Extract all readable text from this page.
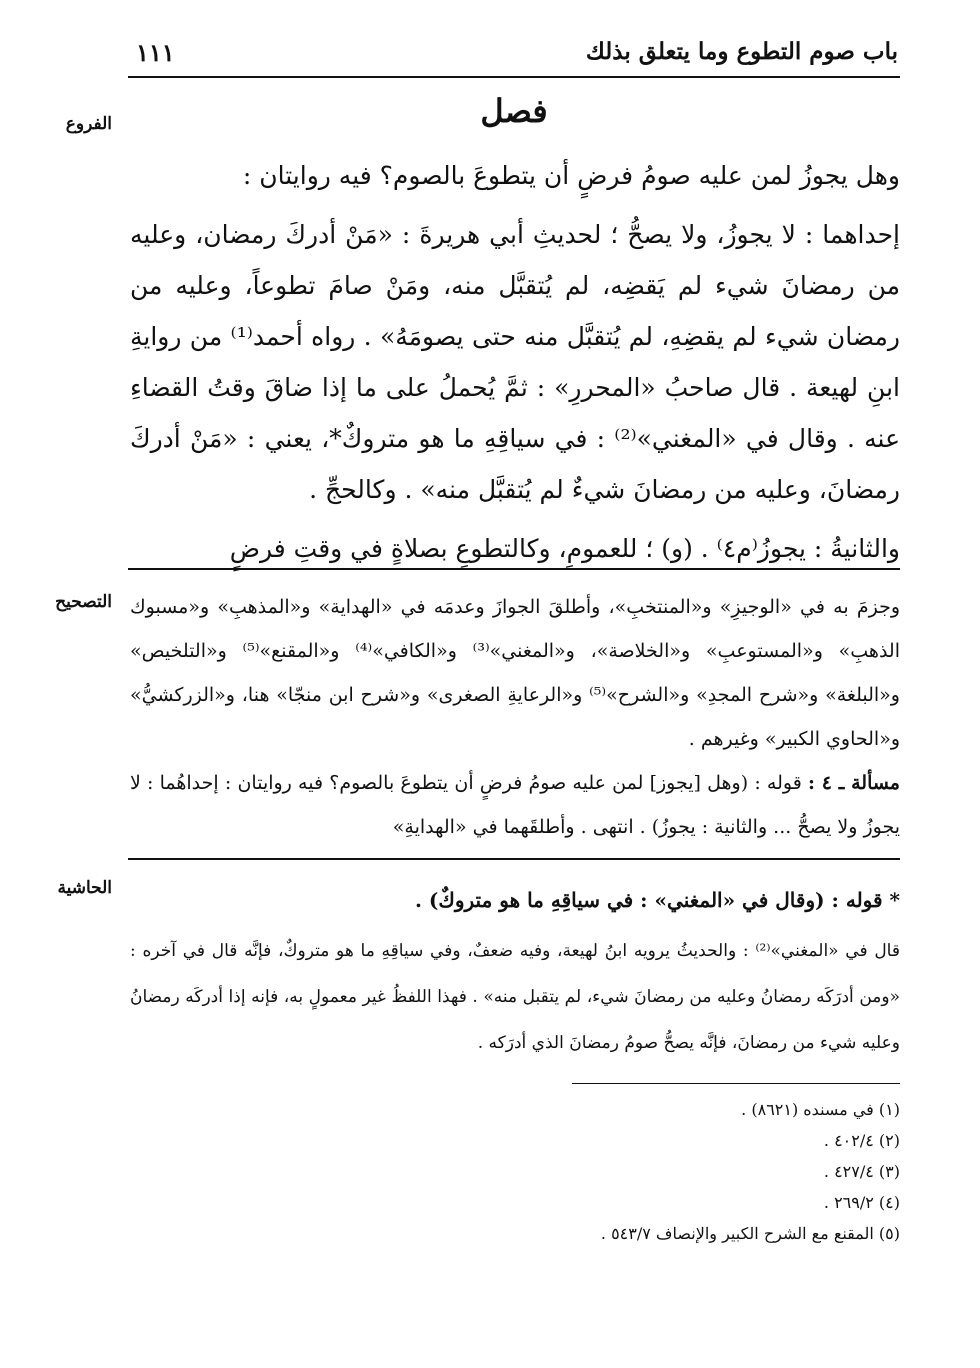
باب صوم التطوع وما يتعلق بذلك
١١١
الفروع	فصل

وهل يجوزُ لمن عليه صومُ فرضٍ أن يتطوعَ بالصوم؟ فيه روايتان :

إحداهما : لا يجوزُ، ولا يصحُّ ؛ لحديثِ أبي هريرةَ : «مَنْ أدركَ رمضان، وعليه من رمضانَ شيء لم يَقضِه، لم يُتقبَّل منه، ومَنْ صامَ تطوعاً، وعليه من رمضان شيء لم يقضِهِ، لم يُتقبَّل منه حتى يصومَهُ» . رواه أحمد⁽¹⁾ من روايةِ ابنِ لهيعة . قال صاحبُ «المحررِ» : ثمَّ يُحملُ على ما إذا ضاقَ وقتُ القضاءِ عنه . وقال في «المغني»⁽²⁾ : في سياقِهِ ما هو متروكٌ*، يعني : «مَنْ أدركَ رمضانَ، وعليه من رمضانَ شيءٌ لم يُتقبَّل منه» . وكالحجِّ .

والثانيةُ : يجوزُ⁽م٤⁾ . (و) ؛ للعمومِ، وكالتطوعِ بصلاةٍ في وقتِ فرضٍ

التصحيح وجزمَ به في «الوجيزِ» و«المنتخبِ»، وأطلقَ الجوازَ وعدمَه في «الهداية» و«المذهبِ» و«مسبوك الذهبِ» و«المستوعبِ» و«الخلاصة»، و«المغني»⁽³⁾ و«الكافي»⁽⁴⁾ و«المقنع»⁽⁵⁾ و«التلخيص» و«البلغة» و«شرح المجدِ» و«الشرح»⁽⁵⁾ و«الرعايةِ الصغرى» و«شرح ابن منجّا» هنا، و«الزركشيُّ» و«الحاوي الكبير» وغيرهم .

مسألة ـ ٤ : قوله : (وهل [يجوز] لمن عليه صومُ فرضٍ أن يتطوعَ بالصوم؟ فيه روايتان : إحداهُما : لا يجوزُ ولا يصحُّ ... والثانية : يجوزُ) . انتهى . وأطلقَهما في «الهدايةِ»

الحاشية	* قوله : (وقال في «المغني» : في سياقِهِ ما هو متروكٌ) .

قال في «المغني»⁽²⁾ : والحديثُ يرويه ابنُ لهيعة، وفيه ضعفٌ، وفي سياقِهِ ما هو متروكٌ، فإنَّه قال في آخره : «ومن أدرَكَه رمضانُ وعليه من رمضانَ شيء، لم يتقبل منه» . فهذا اللفظُ غير معمولٍ به، فإنه إذا أدركَه رمضانُ وعليه شيء من رمضانَ، فإنَّه يصحُّ صومُ رمضانَ الذي أدرَكه .

(١) في مسنده (٨٦٢١) .
(٢) ٤٠٢/٤ .
(٣) ٤٢٧/٤ .
(٤) ٢٦٩/٢ .
(٥) المقنع مع الشرح الكبير والإنصاف ٥٤٣/٧ .
